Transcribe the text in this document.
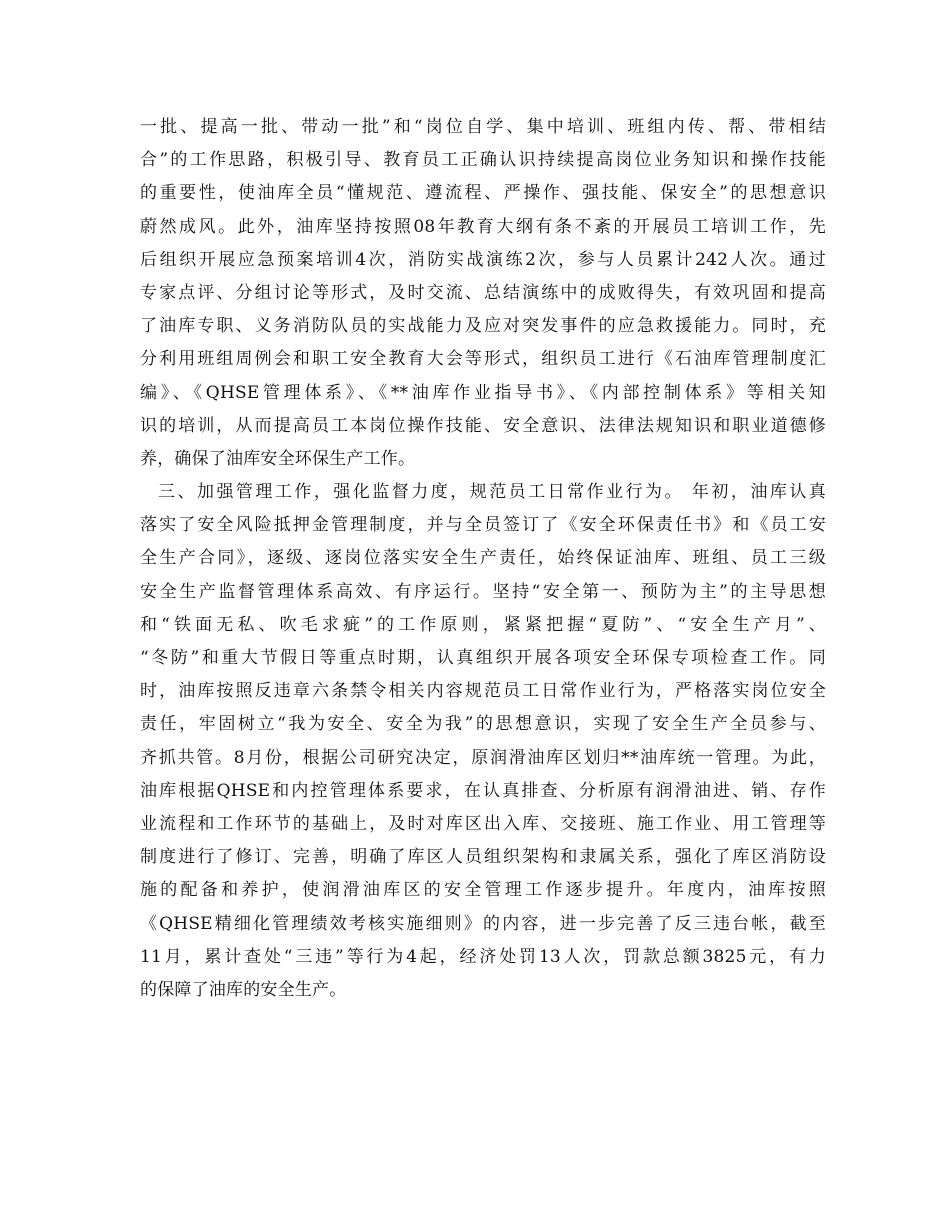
一批、提高一批、带动一批”和“岗位自学、集中培训、班组内传、帮、带相结
合”的工作思路，积极引导、教育员工正确认识持续提高岗位业务知识和操作技能
的重要性，使油库全员“懂规范、遵流程、严操作、强技能、保安全”的思想意识
蔚然成风。此外，油库坚持按照08年教育大纲有条不紊的开展员工培训工作，先
后组织开展应急预案培训4次，消防实战演练2次，参与人员累计242人次。通过
专家点评、分组讨论等形式，及时交流、总结演练中的成败得失，有效巩固和提高
了油库专职、义务消防队员的实战能力及应对突发事件的应急救援能力。同时，充
分利用班组周例会和职工安全教育大会等形式，组织员工进行《石油库管理制度汇
编》、《QHSE管理体系》、《**油库作业指导书》、《内部控制体系》等相关知
识的培训，从而提高员工本岗位操作技能、安全意识、法律法规知识和职业道德修
养，确保了油库安全环保生产工作。
三、加强管理工作，强化监督力度，规范员工日常作业行为。 年初，油库认真
落实了安全风险抵押金管理制度，并与全员签订了《安全环保责任书》和《员工安
全生产合同》，逐级、逐岗位落实安全生产责任，始终保证油库、班组、员工三级
安全生产监督管理体系高效、有序运行。坚持“安全第一、预防为主”的主导思想
和“铁面无私、吹毛求疵”的工作原则，紧紧把握“夏防”、“安全生产月”、
“冬防”和重大节假日等重点时期，认真组织开展各项安全环保专项检查工作。同
时，油库按照反违章六条禁令相关内容规范员工日常作业行为，严格落实岗位安全
责任，牢固树立“我为安全、安全为我”的思想意识，实现了安全生产全员参与、
齐抓共管。8月份，根据公司研究决定，原润滑油库区划归**油库统一管理。为此，
油库根据QHSE和内控管理体系要求，在认真排查、分析原有润滑油进、销、存作
业流程和工作环节的基础上，及时对库区出入库、交接班、施工作业、用工管理等
制度进行了修订、完善，明确了库区人员组织架构和隶属关系，强化了库区消防设
施的配备和养护，使润滑油库区的安全管理工作逐步提升。年度内，油库按照
《QHSE精细化管理绩效考核实施细则》的内容，进一步完善了反三违台帐，截至
11月，累计查处“三违”等行为4起，经济处罚13人次，罚款总额3825元，有力
的保障了油库的安全生产。
